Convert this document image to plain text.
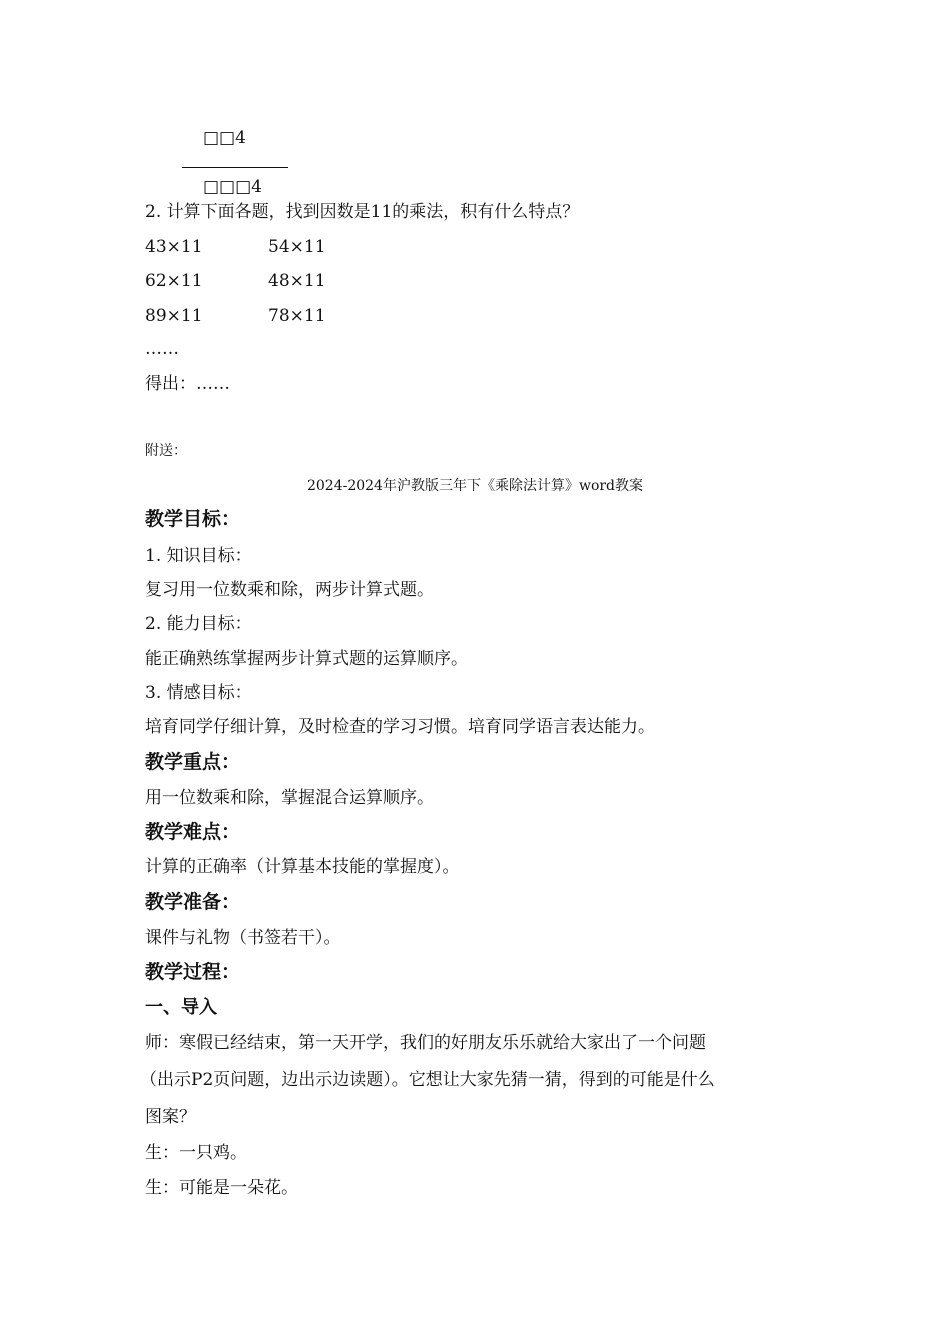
□□4
□□□4
2. 计算下面各题，找到因数是11的乘法，积有什么特点？
43×11	54×11
62×11	48×11
89×11	78×11
……
得出：……
附送：
2024-2024年沪教版三年下《乘除法计算》word教案
教学目标：
1. 知识目标：
复习用一位数乘和除，两步计算式题。
2. 能力目标：
能正确熟练掌握两步计算式题的运算顺序。
3. 情感目标：
培育同学仔细计算，及时检查的学习习惯。培育同学语言表达能力。
教学重点：
用一位数乘和除，掌握混合运算顺序。
教学难点：
计算的正确率（计算基本技能的掌握度）。
教学准备：
课件与礼物（书签若干）。
教学过程：
一、导入
师：寒假已经结束，第一天开学，我们的好朋友乐乐就给大家出了一个问题
（出示P2页问题，边出示边读题）。它想让大家先猜一猜，得到的可能是什么
图案？
生：一只鸡。
生：可能是一朵花。
